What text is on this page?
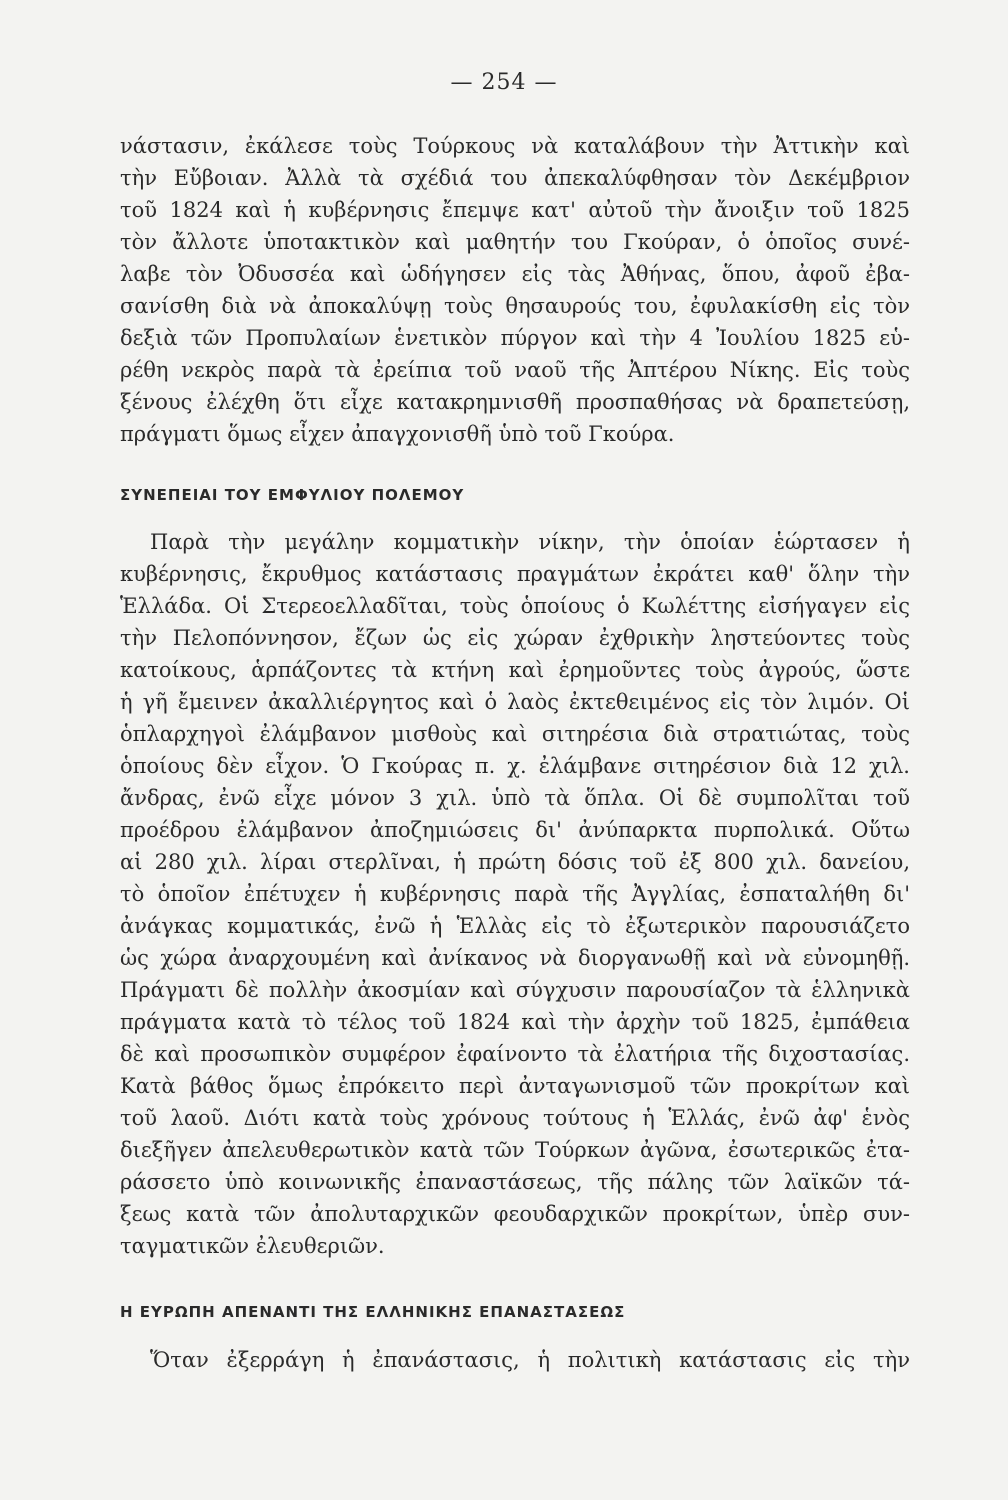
— 254 —
νάστασιν, ἐκάλεσε τοὺς Τούρκους νὰ καταλάβουν τὴν Ἀττικὴν καὶ
τὴν Εὔβοιαν. Ἀλλὰ τὰ σχέδιά του ἀπεκαλύφθησαν τὸν Δεκέμβριον
τοῦ 1824 καὶ ἡ κυβέρνησις ἔπεμψε κατ' αὐτοῦ τὴν ἄνοιξιν τοῦ 1825
τὸν ἄλλοτε ὑποτακτικὸν καὶ μαθητήν του Γκούραν, ὁ ὁποῖος συνέ-
λαβε τὸν Ὀδυσσέα καὶ ὡδήγησεν εἰς τὰς Ἀθήνας, ὅπου, ἀφοῦ ἐβα-
σανίσθη διὰ νὰ ἀποκαλύψῃ τοὺς θησαυρούς του, ἐφυλακίσθη εἰς τὸν
δεξιὰ τῶν Προπυλαίων ἑνετικὸν πύργον καὶ τὴν 4 Ἰουλίου 1825 εὑ-
ρέθη νεκρὸς παρὰ τὰ ἐρείπια τοῦ ναοῦ τῆς Ἀπτέρου Νίκης. Εἰς τοὺς
ξένους ἐλέχθη ὅτι εἶχε κατακρημνισθῆ προσπαθήσας νὰ δραπετεύσῃ,
πράγματι ὅμως εἶχεν ἀπαγχονισθῆ ὑπὸ τοῦ Γκούρα.
ΣΥΝΕΠΕΙΑΙ ΤΟΥ ΕΜΦΥΛΙΟΥ ΠΟΛΕΜΟΥ
Παρὰ τὴν μεγάλην κομματικὴν νίκην, τὴν ὁποίαν ἑώρτασεν ἡ
κυβέρνησις, ἔκρυθμος κατάστασις πραγμάτων ἐκράτει καθ' ὅλην τὴν
Ἑλλάδα. Οἱ Στερεοελλαδῖται, τοὺς ὁποίους ὁ Κωλέττης εἰσήγαγεν εἰς
τὴν Πελοπόννησον, ἔζων ὡς εἰς χώραν ἐχθρικὴν ληστεύοντες τοὺς
κατοίκους, ἁρπάζοντες τὰ κτήνη καὶ ἐρημοῦντες τοὺς ἀγρούς, ὥστε
ἡ γῆ ἔμεινεν ἀκαλλιέργητος καὶ ὁ λαὸς ἐκτεθειμένος εἰς τὸν λιμόν. Οἱ
ὁπλαρχηγοὶ ἐλάμβανον μισθοὺς καὶ σιτηρέσια διὰ στρατιώτας, τοὺς
ὁποίους δὲν εἶχον. Ὁ Γκούρας π. χ. ἐλάμβανε σιτηρέσιον διὰ 12 χιλ.
ἄνδρας, ἐνῶ εἶχε μόνον 3 χιλ. ὑπὸ τὰ ὅπλα. Οἱ δὲ συμπολῖται τοῦ
προέδρου ἐλάμβανον ἀποζημιώσεις δι' ἀνύπαρκτα πυρπολικά. Οὕτω
αἱ 280 χιλ. λίραι στερλῖναι, ἡ πρώτη δόσις τοῦ ἐξ 800 χιλ. δανείου,
τὸ ὁποῖον ἐπέτυχεν ἡ κυβέρνησις παρὰ τῆς Ἀγγλίας, ἐσπαταλήθη δι'
ἀνάγκας κομματικάς, ἐνῶ ἡ Ἑλλὰς εἰς τὸ ἐξωτερικὸν παρουσιάζετο
ὡς χώρα ἀναρχουμένη καὶ ἀνίκανος νὰ διοργανωθῇ καὶ νὰ εὐνομηθῇ.
Πράγματι δὲ πολλὴν ἀκοσμίαν καὶ σύγχυσιν παρουσίαζον τὰ ἑλληνικὰ
πράγματα κατὰ τὸ τέλος τοῦ 1824 καὶ τὴν ἀρχὴν τοῦ 1825, ἐμπάθεια
δὲ καὶ προσωπικὸν συμφέρον ἐφαίνοντο τὰ ἐλατήρια τῆς διχοστασίας.
Κατὰ βάθος ὅμως ἐπρόκειτο περὶ ἀνταγωνισμοῦ τῶν προκρίτων καὶ
τοῦ λαοῦ. Διότι κατὰ τοὺς χρόνους τούτους ἡ Ἑλλάς, ἐνῶ ἀφ' ἑνὸς
διεξῆγεν ἀπελευθερωτικὸν κατὰ τῶν Τούρκων ἀγῶνα, ἐσωτερικῶς ἐτα-
ράσσετο ὑπὸ κοινωνικῆς ἐπαναστάσεως, τῆς πάλης τῶν λαϊκῶν τά-
ξεως κατὰ τῶν ἀπολυταρχικῶν φεουδαρχικῶν προκρίτων, ὑπὲρ συν-
ταγματικῶν ἐλευθεριῶν.
Η ΕΥΡΩΠΗ ΑΠΕΝΑΝΤΙ ΤΗΣ ΕΛΛΗΝΙΚΗΣ ΕΠΑΝΑΣΤΑΣΕΩΣ
Ὅταν ἐξερράγη ἡ ἐπανάστασις, ἡ πολιτικὴ κατάστασις εἰς τὴν
